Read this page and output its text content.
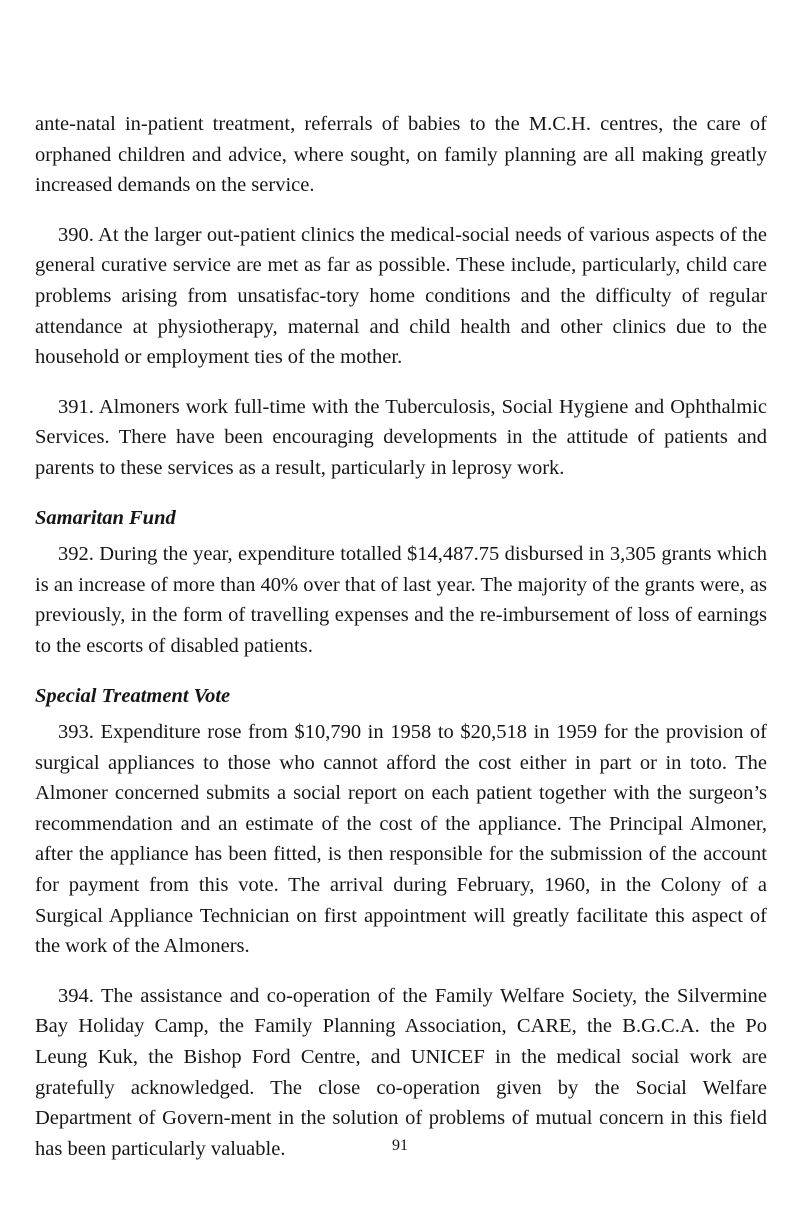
ante-natal in-patient treatment, referrals of babies to the M.C.H. centres, the care of orphaned children and advice, where sought, on family planning are all making greatly increased demands on the service.

390. At the larger out-patient clinics the medical-social needs of various aspects of the general curative service are met as far as possible. These include, particularly, child care problems arising from unsatisfac-tory home conditions and the difficulty of regular attendance at physiotherapy, maternal and child health and other clinics due to the household or employment ties of the mother.

391. Almoners work full-time with the Tuberculosis, Social Hygiene and Ophthalmic Services. There have been encouraging developments in the attitude of patients and parents to these services as a result, particularly in leprosy work.

Samaritan Fund

392. During the year, expenditure totalled $14,487.75 disbursed in 3,305 grants which is an increase of more than 40% over that of last year. The majority of the grants were, as previously, in the form of travelling expenses and the re-imbursement of loss of earnings to the escorts of disabled patients.

Special Treatment Vote

393. Expenditure rose from $10,790 in 1958 to $20,518 in 1959 for the provision of surgical appliances to those who cannot afford the cost either in part or in toto. The Almoner concerned submits a social report on each patient together with the surgeon’s recommendation and an estimate of the cost of the appliance. The Principal Almoner, after the appliance has been fitted, is then responsible for the submission of the account for payment from this vote. The arrival during February, 1960, in the Colony of a Surgical Appliance Technician on first appointment will greatly facilitate this aspect of the work of the Almoners.

394. The assistance and co-operation of the Family Welfare Society, the Silvermine Bay Holiday Camp, the Family Planning Association, CARE, the B.G.C.A. the Po Leung Kuk, the Bishop Ford Centre, and UNICEF in the medical social work are gratefully acknowledged. The close co-operation given by the Social Welfare Department of Govern-ment in the solution of problems of mutual concern in this field has been particularly valuable.	91
